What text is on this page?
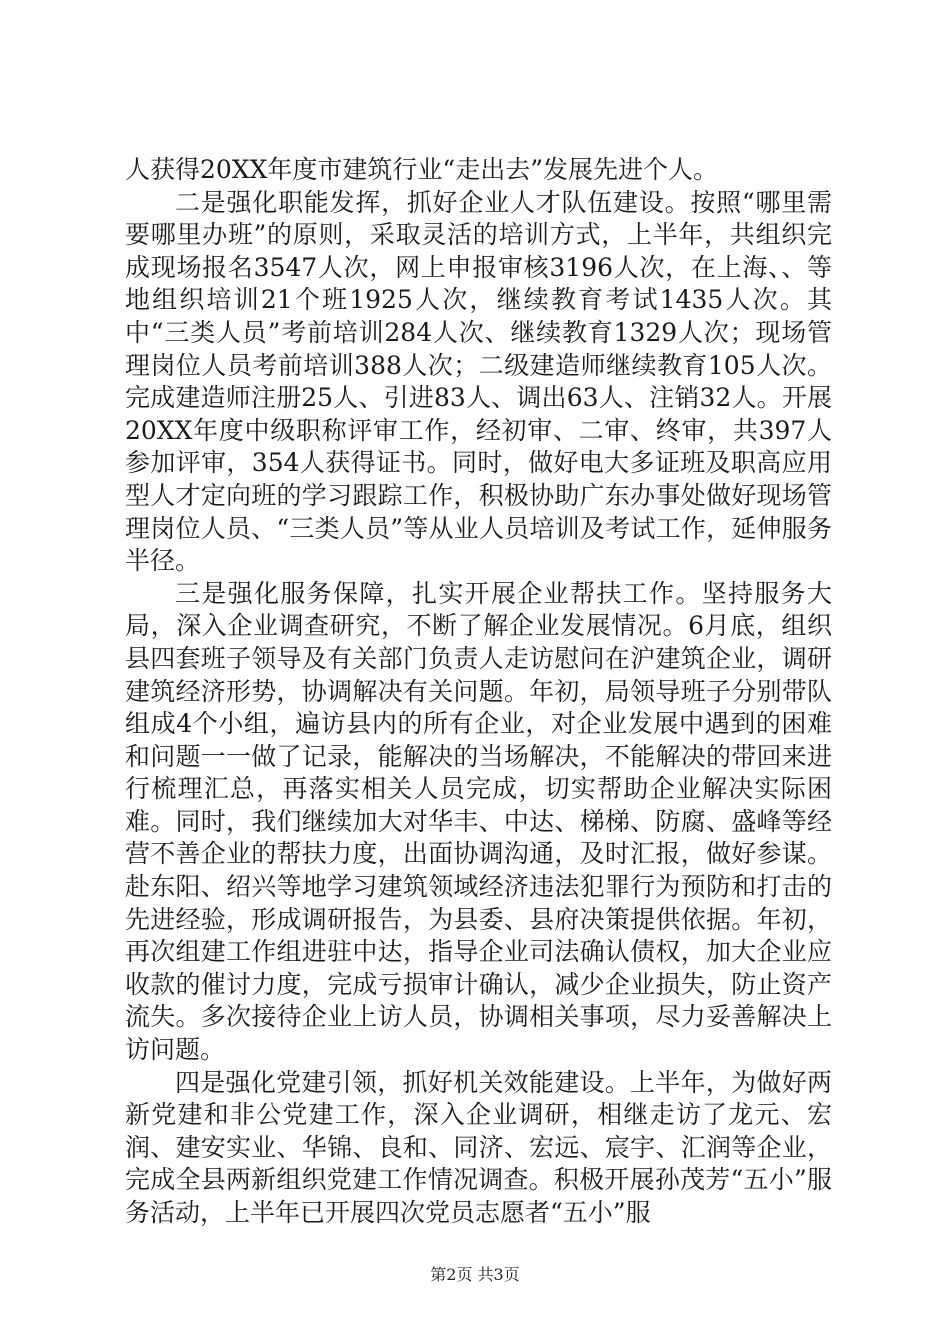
人获得20XX年度市建筑行业“走出去”发展先进个人。

二是强化职能发挥，抓好企业人才队伍建设。按照“哪里需要哪里办班”的原则，采取灵活的培训方式，上半年，共组织完成现场报名3547人次，网上申报审核3196人次，在上海、、等地组织培训21个班1925人次，继续教育考试1435人次。其中“三类人员”考前培训284人次、继续教育1329人次；现场管理岗位人员考前培训388人次；二级建造师继续教育105人次。完成建造师注册25人、引进83人、调出63人、注销32人。开展20XX年度中级职称评审工作，经初审、二审、终审，共397人参加评审，354人获得证书。同时，做好电大多证班及职高应用型人才定向班的学习跟踪工作，积极协助广东办事处做好现场管理岗位人员、“三类人员”等从业人员培训及考试工作，延伸服务半径。

三是强化服务保障，扎实开展企业帮扶工作。坚持服务大局，深入企业调查研究，不断了解企业发展情况。6月底，组织县四套班子领导及有关部门负责人走访慰问在沪建筑企业，调研建筑经济形势，协调解决有关问题。年初，局领导班子分别带队组成4个小组，遍访县内的所有企业，对企业发展中遇到的困难和问题一一做了记录，能解决的当场解决，不能解决的带回来进行梳理汇总，再落实相关人员完成，切实帮助企业解决实际困难。同时，我们继续加大对华丰、中达、梯梯、防腐、盛峰等经营不善企业的帮扶力度，出面协调沟通，及时汇报，做好参谋。赴东阳、绍兴等地学习建筑领域经济违法犯罪行为预防和打击的先进经验，形成调研报告，为县委、县府决策提供依据。年初，再次组建工作组进驻中达，指导企业司法确认债权，加大企业应收款的催讨力度，完成亏损审计确认，减少企业损失，防止资产流失。多次接待企业上访人员，协调相关事项，尽力妥善解决上访问题。

四是强化党建引领，抓好机关效能建设。上半年，为做好两新党建和非公党建工作，深入企业调研，相继走访了龙元、宏润、建安实业、华锦、良和、同济、宏远、宸宇、汇润等企业，完成全县两新组织党建工作情况调查。积极开展孙茂芳“五小”服务活动，上半年已开展四次党员志愿者“五小”服

第2页 共3页
